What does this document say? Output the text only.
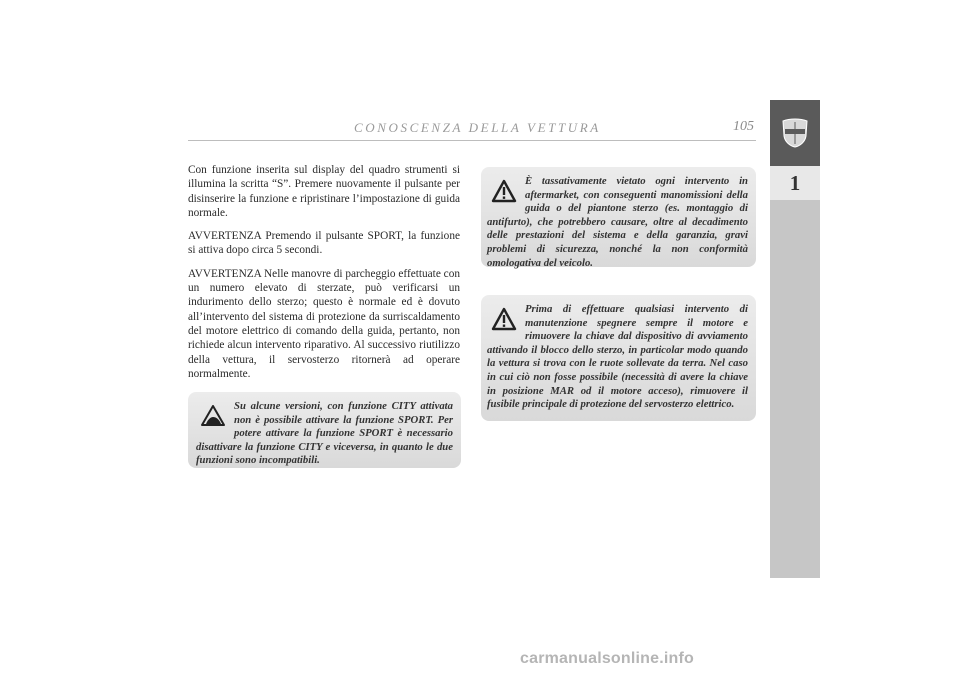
CONOSCENZA DELLA VETTURA	105
1

Con funzione inserita sul display del quadro strumenti si illumina la scritta “S”. Premere nuovamente il pulsante per disinserire la funzione e ripristinare l’impostazione di guida normale.

AVVERTENZA Premendo il pulsante SPORT, la funzione si attiva dopo circa 5 secondi.

AVVERTENZA Nelle manovre di parcheggio effettuate con un numero elevato di sterzate, può verificarsi un indurimento dello sterzo; questo è normale ed è dovuto all’intervento del sistema di protezione da surriscaldamento del motore elettrico di comando della guida, pertanto, non richiede alcun intervento riparativo. Al successivo riutilizzo della vettura, il servosterzo ritornerà ad operare normalmente.

Su alcune versioni, con funzione CITY attivata non è possibile attivare la funzione SPORT. Per potere attivare la funzione SPORT è necessario disattivare la funzione CITY e viceversa, in quanto le due funzioni sono incompatibili.

È tassativamente vietato ogni intervento in aftermarket, con conseguenti manomissioni della guida o del piantone sterzo (es. montaggio di antifurto), che potrebbero causare, oltre al decadimento delle prestazioni del sistema e della garanzia, gravi problemi di sicurezza, nonché la non conformità omologativa del veicolo.

Prima di effettuare qualsiasi intervento di manutenzione spegnere sempre il motore e rimuovere la chiave dal dispositivo di avviamento attivando il blocco dello sterzo, in particolar modo quando la vettura si trova con le ruote sollevate da terra. Nel caso in cui ciò non fosse possibile (necessità di avere la chiave in posizione MAR od il motore acceso), rimuovere il fusibile principale di protezione del servosterzo elettrico.

carmanualsonline.info
